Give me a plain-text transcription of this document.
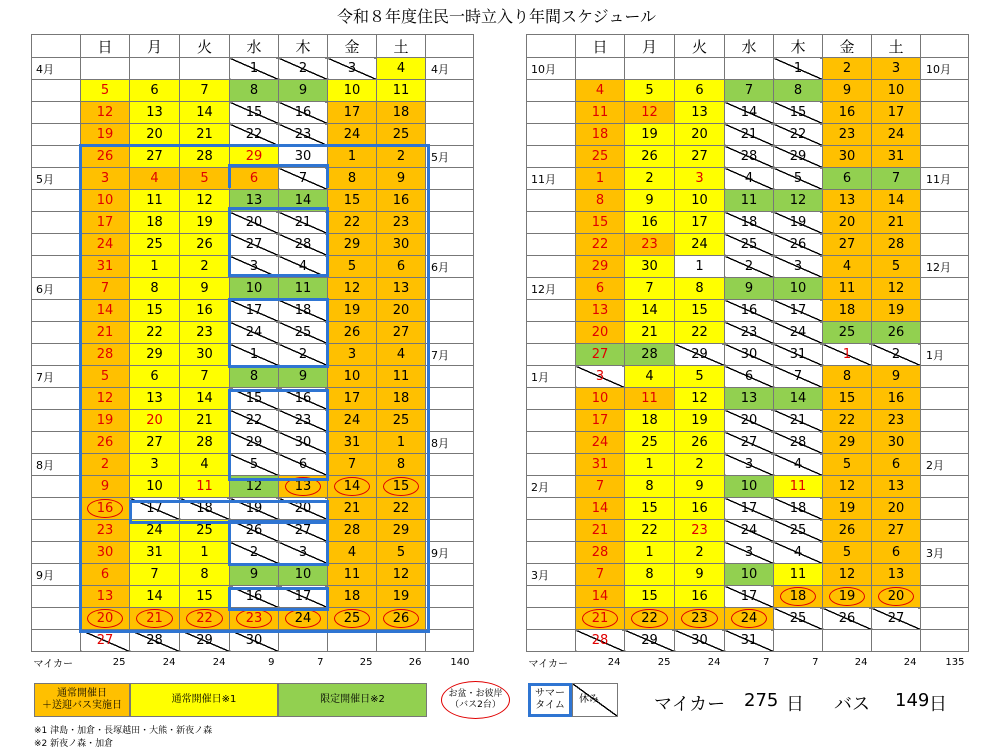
令和８年度住民一時立入り年間スケジュール
	日	月	火	水	木	金	土	
4月				1	2	3	4	4月
	5	6	7	8	9	10	11	
	12	13	14	15	16	17	18	
	19	20	21	22	23	24	25	
	26	27	28	29	30	1	2	5月
5月	3	4	5	6	7	8	9	
	10	11	12	13	14	15	16	
	17	18	19	20	21	22	23	
	24	25	26	27	28	29	30	
	31	1	2	3	4	5	6	6月
6月	7	8	9	10	11	12	13	
	14	15	16	17	18	19	20	
	21	22	23	24	25	26	27	
	28	29	30	1	2	3	4	7月
7月	5	6	7	8	9	10	11	
	12	13	14	15	16	17	18	
	19	20	21	22	23	24	25	
	26	27	28	29	30	31	1	8月
8月	2	3	4	5	6	7	8	
	9	10	11	12	13	14	15	
	16	17	18	19	20	21	22	
	23	24	25	26	27	28	29	
	30	31	1	2	3	4	5	9月
9月	6	7	8	9	10	11	12	
	13	14	15	16	17	18	19	
	20	21	22	23	24	25	26	
	27	28	29	30				
マイカー	25	24	24	9	7	25	26	140
	日	月	火	水	木	金	土	
10月					1	2	3	10月
	4	5	6	7	8	9	10	
	11	12	13	14	15	16	17	
	18	19	20	21	22	23	24	
	25	26	27	28	29	30	31	
11月	1	2	3	4	5	6	7	11月
	8	9	10	11	12	13	14	
	15	16	17	18	19	20	21	
	22	23	24	25	26	27	28	
	29	30	1	2	3	4	5	12月
12月	6	7	8	9	10	11	12	
	13	14	15	16	17	18	19	
	20	21	22	23	24	25	26	
	27	28	29	30	31	1	2	1月
1月	3	4	5	6	7	8	9	
	10	11	12	13	14	15	16	
	17	18	19	20	21	22	23	
	24	25	26	27	28	29	30	
	31	1	2	3	4	5	6	2月
2月	7	8	9	10	11	12	13	
	14	15	16	17	18	19	20	
	21	22	23	24	25	26	27	
	28	1	2	3	4	5	6	3月
3月	7	8	9	10	11	12	13	
	14	15	16	17	18	19	20	
	21	22	23	24	25	26	27	
	28	29	30	31				
マイカー	24	25	24	7	7	24	24	135
通常開催日
＋送迎バス実施日
通常開催日※1	限定開催日※2	お盆・お彼岸
（バス2台）
サマー
タイム
休み
※1 津島・加倉・長塚越田・大熊・新夜ノ森
※2 新夜ノ森・加倉
マイカー 275 日 バス 149 日
